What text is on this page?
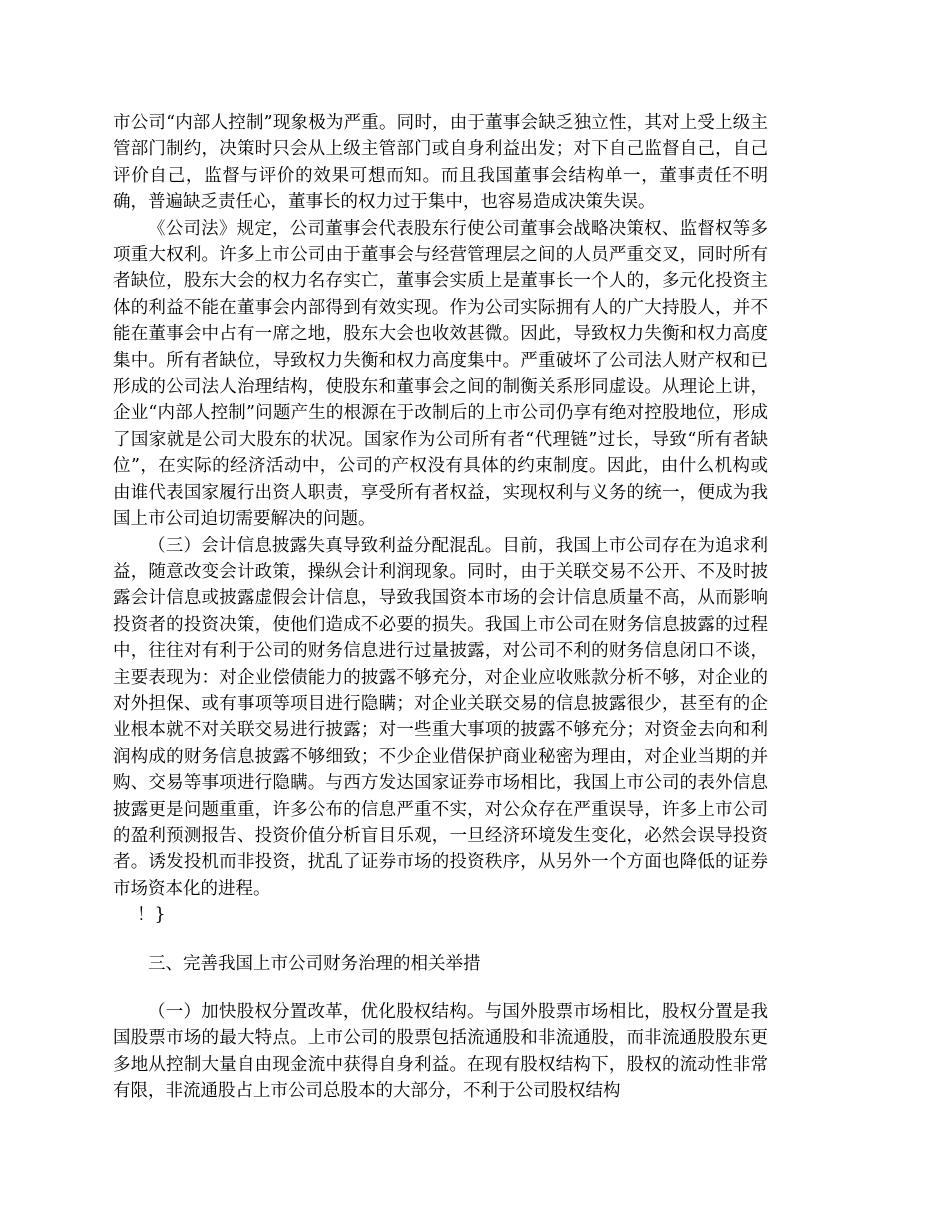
市公司“内部人控制”现象极为严重。同时，由于董事会缺乏独立性，其对上受上级主管部门制约，决策时只会从上级主管部门或自身利益出发；对下自己监督自己，自己评价自己，监督与评价的效果可想而知。而且我国董事会结构单一，董事责任不明确，普遍缺乏责任心，董事长的权力过于集中，也容易造成决策失误。

《公司法》规定，公司董事会代表股东行使公司董事会战略决策权、监督权等多项重大权利。许多上市公司由于董事会与经营管理层之间的人员严重交叉，同时所有者缺位，股东大会的权力名存实亡，董事会实质上是董事长一个人的，多元化投资主体的利益不能在董事会内部得到有效实现。作为公司实际拥有人的广大持股人，并不能在董事会中占有一席之地，股东大会也收效甚微。因此，导致权力失衡和权力高度集中。所有者缺位，导致权力失衡和权力高度集中。严重破坏了公司法人财产权和已形成的公司法人治理结构，使股东和董事会之间的制衡关系形同虚设。从理论上讲，企业“内部人控制”问题产生的根源在于改制后的上市公司仍享有绝对控股地位，形成了国家就是公司大股东的状况。国家作为公司所有者“代理链”过长，导致“所有者缺位”，在实际的经济活动中，公司的产权没有具体的约束制度。因此，由什么机构或由谁代表国家履行出资人职责，享受所有者权益，实现权利与义务的统一，便成为我国上市公司迫切需要解决的问题。

（三）会计信息披露失真导致利益分配混乱。目前，我国上市公司存在为追求利益，随意改变会计政策，操纵会计利润现象。同时，由于关联交易不公开、不及时披露会计信息或披露虚假会计信息，导致我国资本市场的会计信息质量不高，从而影响投资者的投资决策，使他们造成不必要的损失。我国上市公司在财务信息披露的过程中，往往对有利于公司的财务信息进行过量披露，对公司不利的财务信息闭口不谈，主要表现为：对企业偿债能力的披露不够充分，对企业应收账款分析不够，对企业的对外担保、或有事项等项目进行隐瞒；对企业关联交易的信息披露很少，甚至有的企业根本就不对关联交易进行披露；对一些重大事项的披露不够充分；对资金去向和利润构成的财务信息披露不够细致；不少企业借保护商业秘密为理由，对企业当期的并购、交易等事项进行隐瞒。与西方发达国家证券市场相比，我国上市公司的表外信息披露更是问题重重，许多公布的信息严重不实，对公众存在严重误导，许多上市公司的盈利预测报告、投资价值分析盲目乐观，一旦经济环境发生变化，必然会误导投资者。诱发投机而非投资，扰乱了证券市场的投资秩序，从另外一个方面也降低的证券市场资本化的进程。

！}

三、完善我国上市公司财务治理的相关举措

（一）加快股权分置改革，优化股权结构。与国外股票市场相比，股权分置是我国股票市场的最大特点。上市公司的股票包括流通股和非流通股，而非流通股股东更多地从控制大量自由现金流中获得自身利益。在现有股权结构下，股权的流动性非常有限，非流通股占上市公司总股本的大部分，不利于公司股权结构
